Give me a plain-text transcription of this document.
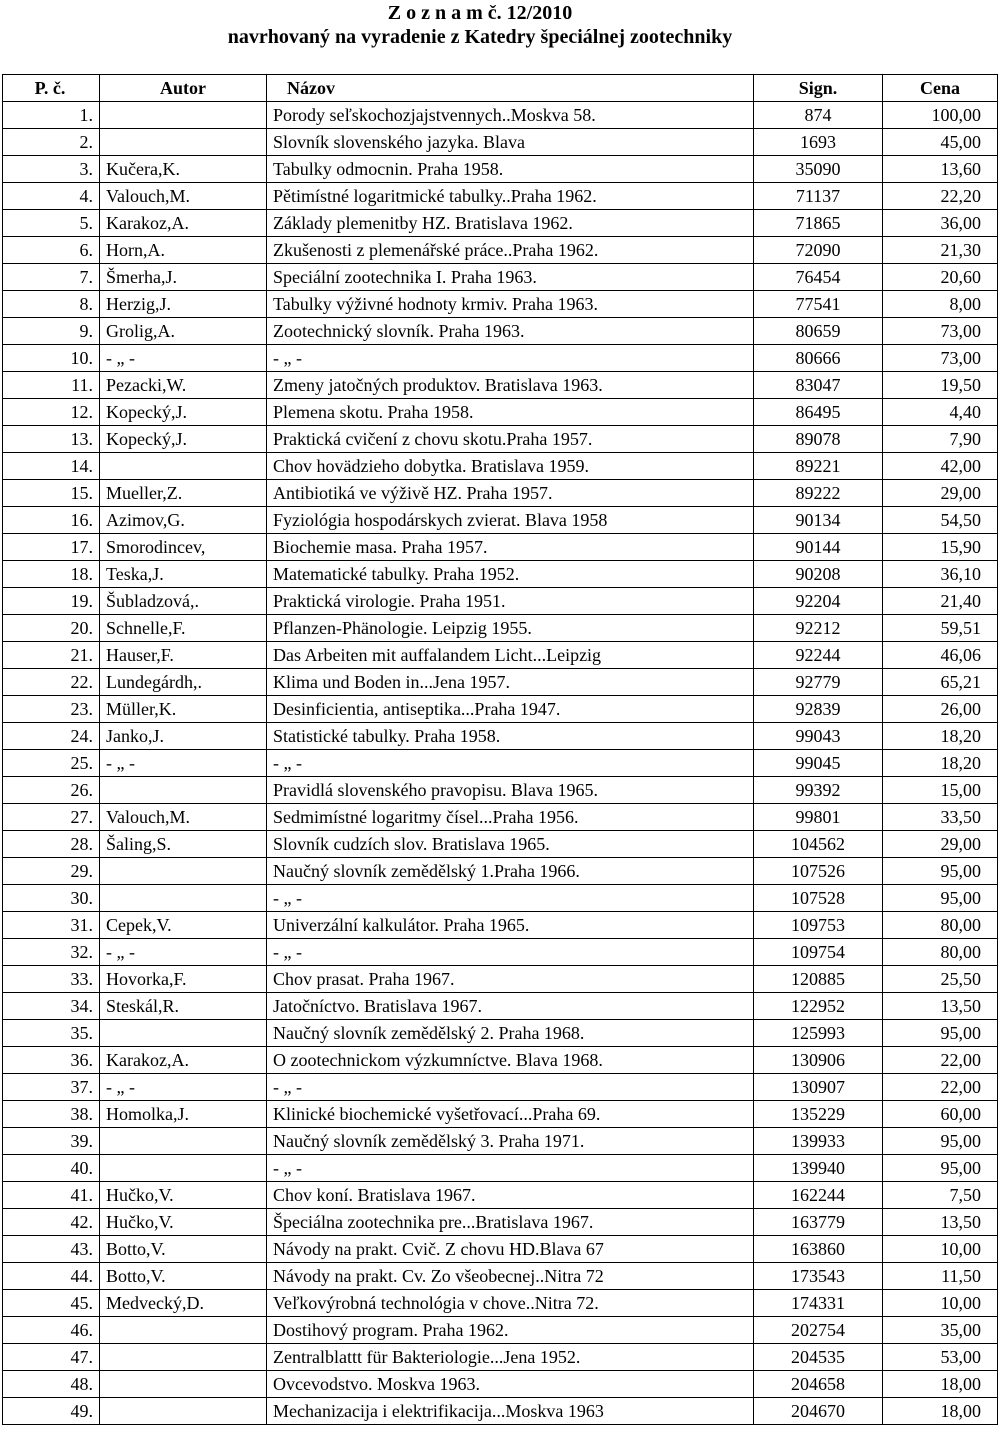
Z o z n a m č. 12/2010
navrhovaný na vyradenie z Katedry špeciálnej zootechniky
P. č.	Autor	Názov	Sign.	Cena
1.		Porody seľskochozjajstvennych..Moskva 58.	874	100,00
2.		Slovník slovenského jazyka. Blava	1693	45,00
3.	Kučera,K.	Tabulky odmocnin. Praha 1958.	35090	13,60
4.	Valouch,M.	Pětimístné logaritmické tabulky..Praha 1962.	71137	22,20
5.	Karakoz,A.	Základy plemenitby HZ. Bratislava 1962.	71865	36,00
6.	Horn,A.	Zkušenosti z plemenářské práce..Praha 1962.	72090	21,30
7.	Šmerha,J.	Speciální zootechnika I. Praha 1963.	76454	20,60
8.	Herzig,J.	Tabulky výživné hodnoty krmiv. Praha 1963.	77541	8,00
9.	Grolig,A.	Zootechnický slovník. Praha 1963.	80659	73,00
10.	- „ -	- „ -	80666	73,00
11.	Pezacki,W.	Zmeny jatočných produktov. Bratislava 1963.	83047	19,50
12.	Kopecký,J.	Plemena skotu. Praha 1958.	86495	4,40
13.	Kopecký,J.	Praktická cvičení z chovu skotu.Praha 1957.	89078	7,90
14.		Chov hovädzieho dobytka. Bratislava 1959.	89221	42,00
15.	Mueller,Z.	Antibiotiká ve výživě HZ. Praha 1957.	89222	29,00
16.	Azimov,G.	Fyziológia hospodárskych zvierat. Blava 1958	90134	54,50
17.	Smorodincev,	Biochemie masa. Praha 1957.	90144	15,90
18.	Teska,J.	Matematické tabulky. Praha 1952.	90208	36,10
19.	Šubladzová,.	Praktická virologie. Praha 1951.	92204	21,40
20.	Schnelle,F.	Pflanzen-Phänologie. Leipzig 1955.	92212	59,51
21.	Hauser,F.	Das Arbeiten mit auffalandem Licht...Leipzig	92244	46,06
22.	Lundegárdh,.	Klima und Boden in...Jena 1957.	92779	65,21
23.	Müller,K.	Desinficientia, antiseptika...Praha 1947.	92839	26,00
24.	Janko,J.	Statistické tabulky. Praha 1958.	99043	18,20
25.	- „ -	- „ -	99045	18,20
26.		Pravidlá slovenského pravopisu. Blava 1965.	99392	15,00
27.	Valouch,M.	Sedmimístné logaritmy čísel...Praha 1956.	99801	33,50
28.	Šaling,S.	Slovník cudzích slov. Bratislava 1965.	104562	29,00
29.		Naučný slovník zemědělský 1.Praha 1966.	107526	95,00
30.		- „ -	107528	95,00
31.	Cepek,V.	Univerzální kalkulátor. Praha 1965.	109753	80,00
32.	- „ -	- „ -	109754	80,00
33.	Hovorka,F.	Chov prasat. Praha 1967.	120885	25,50
34.	Steskál,R.	Jatočníctvo. Bratislava 1967.	122952	13,50
35.		Naučný slovník zemědělský 2. Praha 1968.	125993	95,00
36.	Karakoz,A.	O zootechnickom výzkumníctve. Blava 1968.	130906	22,00
37.	- „ -	- „ -	130907	22,00
38.	Homolka,J.	Klinické biochemické vyšetřovací...Praha 69.	135229	60,00
39.		Naučný slovník zemědělský 3. Praha 1971.	139933	95,00
40.		- „ -	139940	95,00
41.	Hučko,V.	Chov koní. Bratislava 1967.	162244	7,50
42.	Hučko,V.	Špeciálna zootechnika pre...Bratislava 1967.	163779	13,50
43.	Botto,V.	Návody na prakt. Cvič. Z chovu HD.Blava 67	163860	10,00
44.	Botto,V.	Návody na prakt. Cv. Zo všeobecnej..Nitra 72	173543	11,50
45.	Medvecký,D.	Veľkovýrobná technológia v chove..Nitra 72.	174331	10,00
46.		Dostihový program. Praha 1962.	202754	35,00
47.		Zentralblattt für Bakteriologie...Jena 1952.	204535	53,00
48.		Ovcevodstvo. Moskva 1963.	204658	18,00
49.		Mechanizacija i elektrifikacija...Moskva 1963	204670	18,00
